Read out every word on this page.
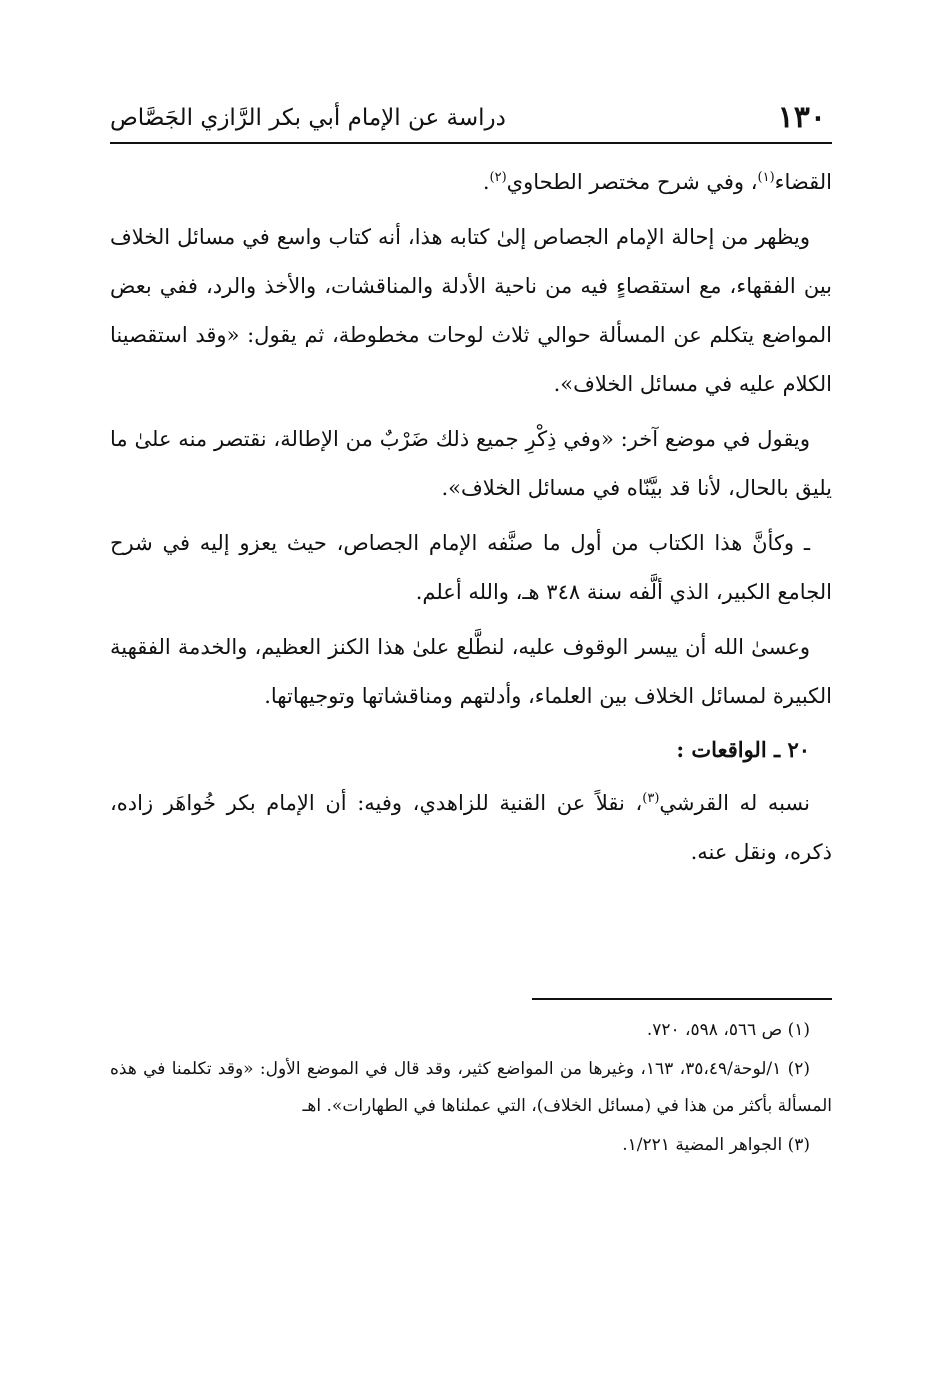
١٣٠
دراسة عن الإمام أبي بكر الرَّازي الجَصَّاص

القضاء$^{(١)}$، وفي شرح مختصر الطحاوي$^{(٢)}$.

ويظهر من إحالة الإمام الجصاص إلىٰ كتابه هذا، أنه كتاب واسع في مسائل الخلاف بين الفقهاء، مع استقصاءٍ فيه من ناحية الأدلة والمناقشات، والأخذ والرد، ففي بعض المواضع يتكلم عن المسألة حوالي ثلاث لوحات مخطوطة، ثم يقول: «وقد استقصينا الكلام عليه في مسائل الخلاف».

ويقول في موضع آخر: «وفي ذِكْرِ جميع ذلك ضَرْبٌ من الإطالة، نقتصر منه علىٰ ما يليق بالحال، لأنا قد بيَّنّاه في مسائل الخلاف».

ـ وكأنَّ هذا الكتاب من أول ما صنَّفه الإمام الجصاص، حيث يعزو إليه في شرح الجامع الكبير، الذي ألَّفه سنة ٣٤٨ هـ، والله أعلم.

وعسىٰ الله أن ييسر الوقوف عليه، لنطَّلع علىٰ هذا الكنز العظيم، والخدمة الفقهية الكبيرة لمسائل الخلاف بين العلماء، وأدلتهم ومناقشاتها وتوجيهاتها.

٢٠ ـ الواقعات :

نسبه له القرشي$^{(٣)}$، نقلاً عن القنية للزاهدي، وفيه: أن الإمام بكر خُواهَر زاده، ذكره، ونقل عنه.

(١) ص ٥٦٦، ٥٩٨، ٧٢٠.

(٢) ١/لوحة/٣٥،٤٩، ١٦٣، وغيرها من المواضع كثير، وقد قال في الموضع الأول: «وقد تكلمنا في هذه المسألة بأكثر من هذا في (مسائل الخلاف)، التي عملناها في الطهارات». اهـ

(٣) الجواهر المضية ١/٢٢١.
